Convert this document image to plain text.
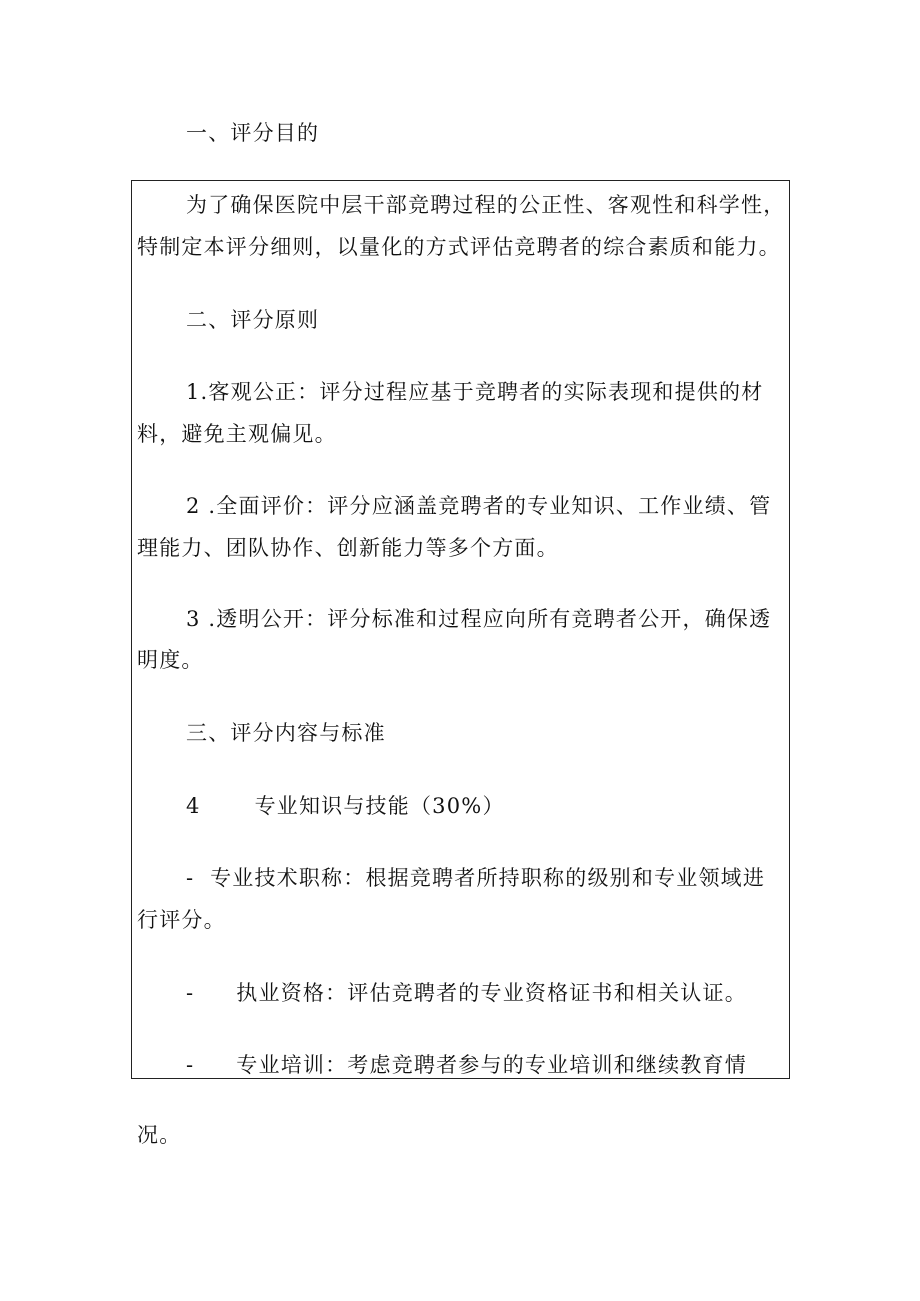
一、评分目的
为了确保医院中层干部竞聘过程的公正性、客观性和科学性，
特制定本评分细则，以量化的方式评估竞聘者的综合素质和能力。
二、评分原则
1.客观公正：评分过程应基于竞聘者的实际表现和提供的材
料，避免主观偏见。
2 .全面评价：评分应涵盖竞聘者的专业知识、工作业绩、管
理能力、团队协作、创新能力等多个方面。
3 .透明公开：评分标准和过程应向所有竞聘者公开，确保透
明度。
三、评分内容与标准
4	专业知识与技能（30%）
- 专业技术职称：根据竞聘者所持职称的级别和专业领域进
行评分。
- 执业资格：评估竞聘者的专业资格证书和相关认证。
- 专业培训：考虑竞聘者参与的专业培训和继续教育情
况。
